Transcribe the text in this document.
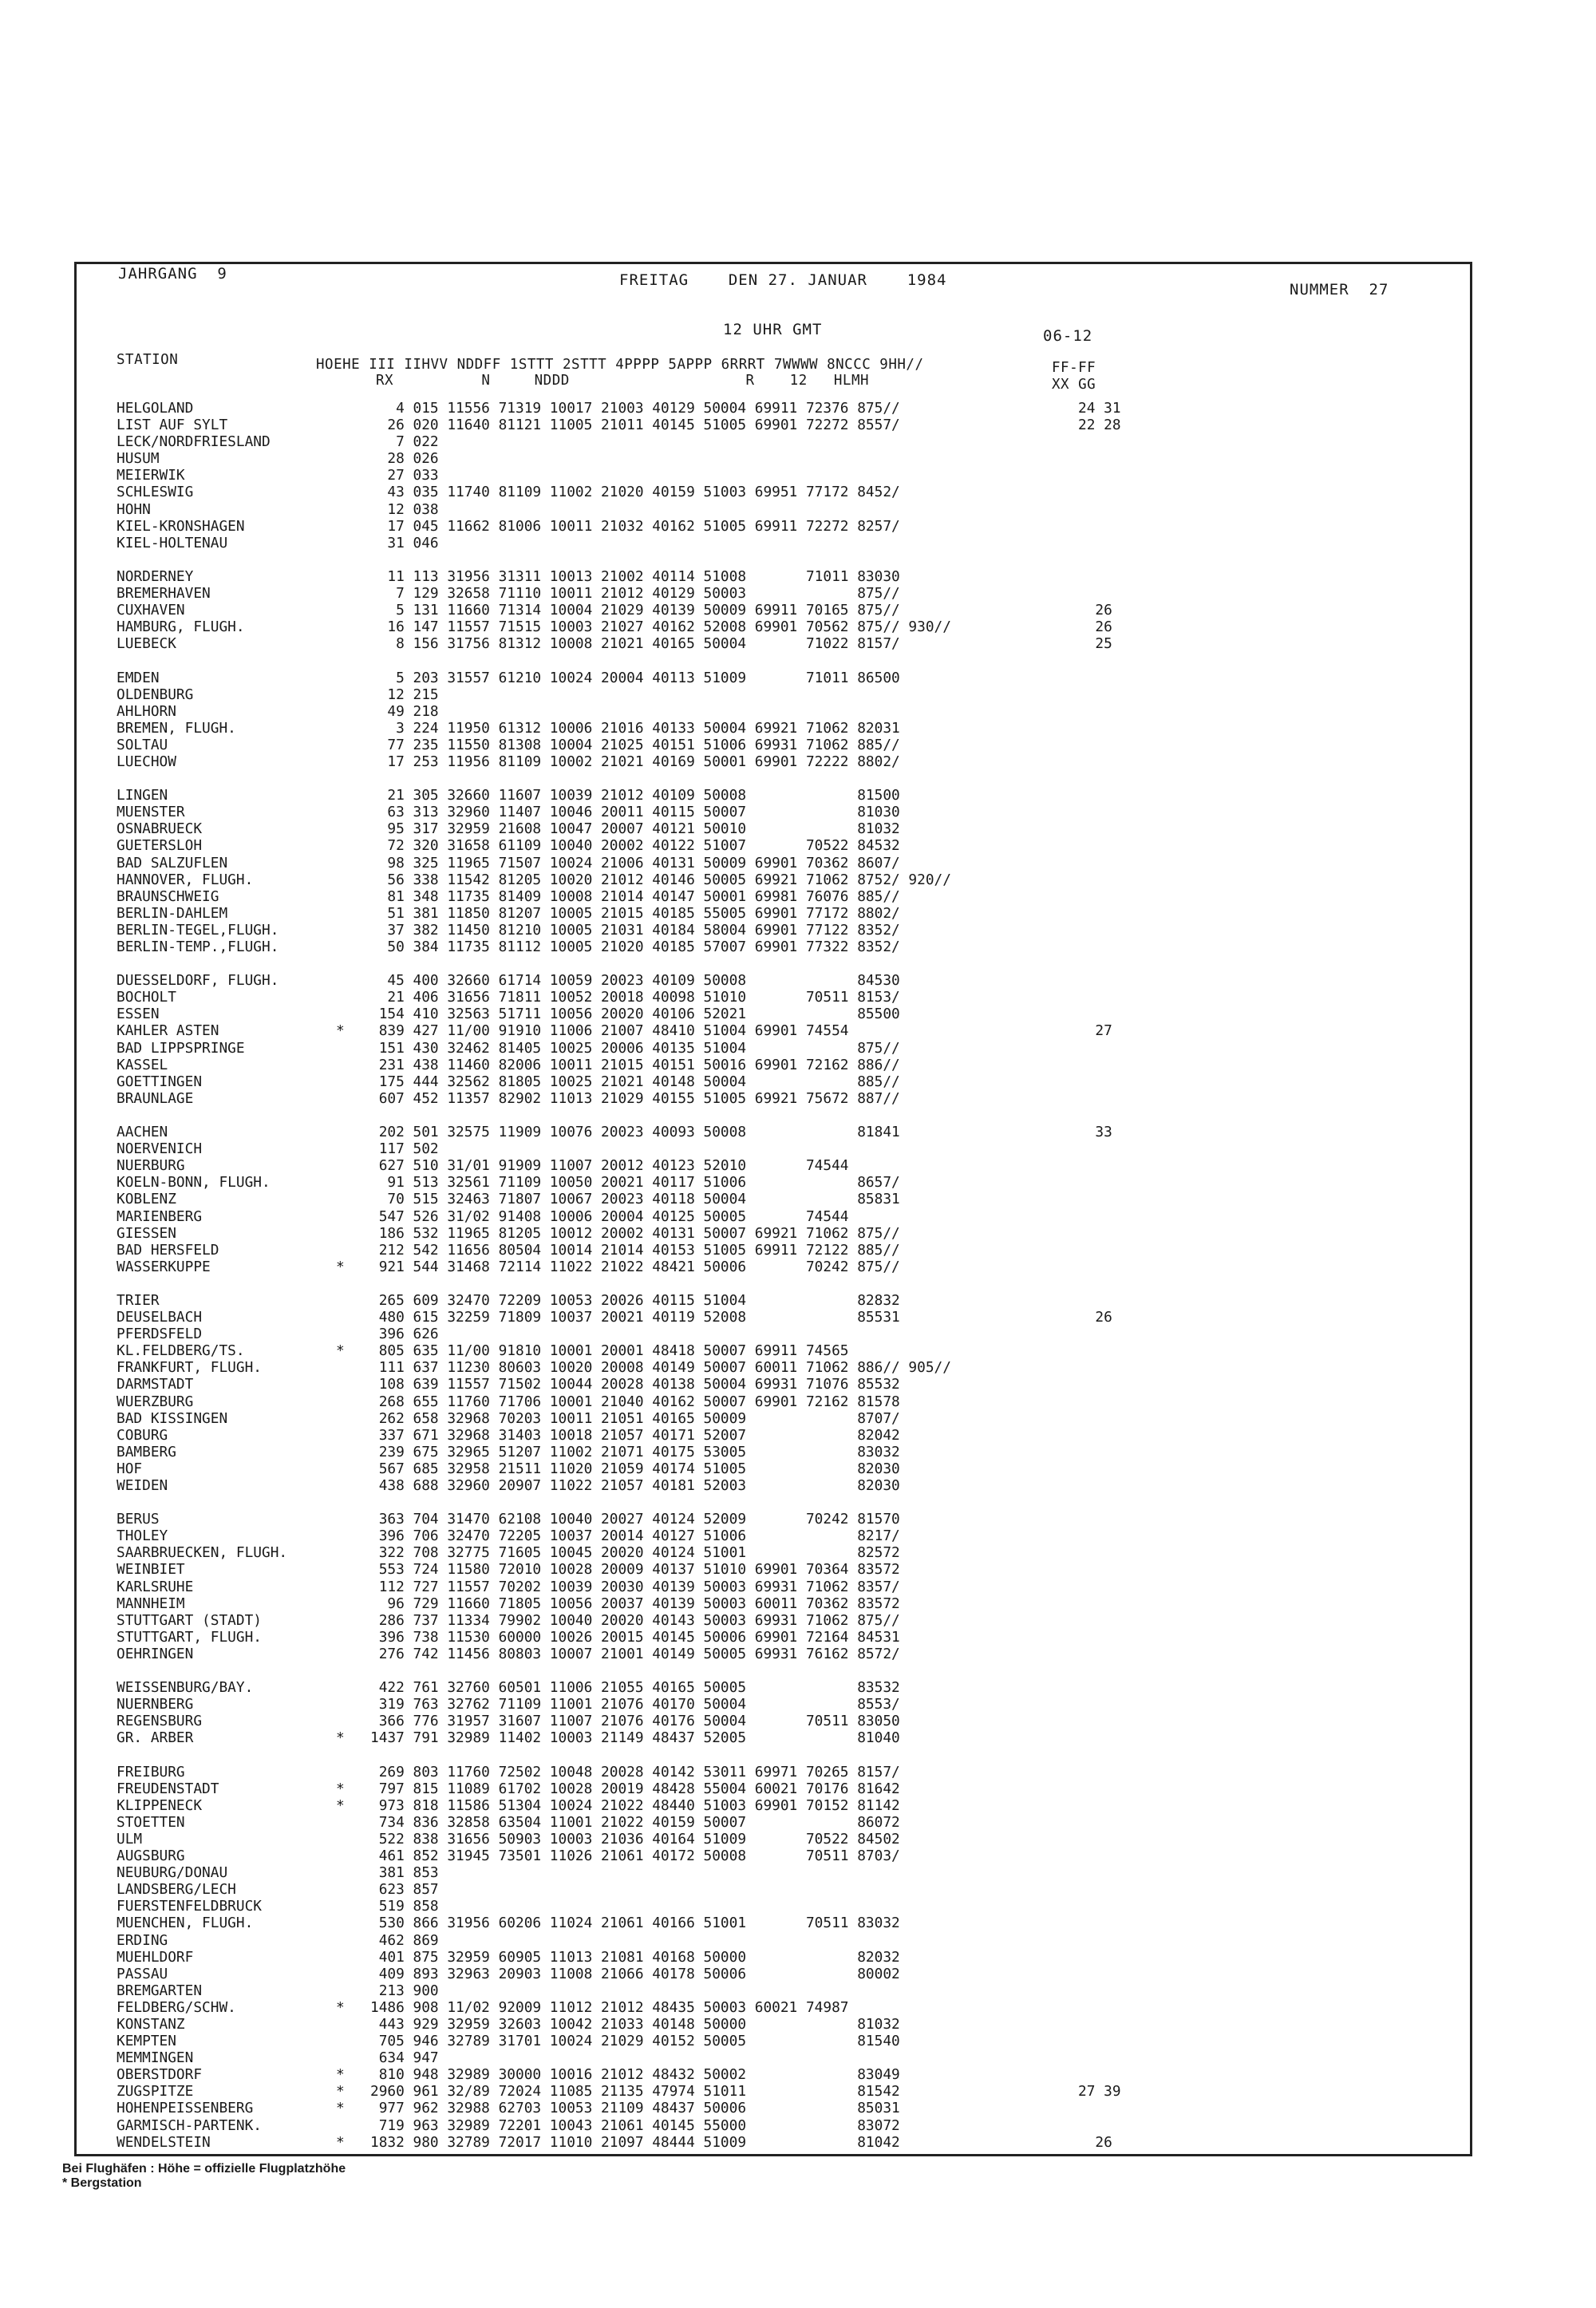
JAHRGANG  9	FREITAG    DEN 27. JANUAR    1984
NUMMER  27
12 UHR GMT	06-12
STATION	HOEHE III IIHVV NDDFF 1STTT 2STTT 4PPPP 5APPP 6RRRT 7WWWW 8NCCC 9HH//
RX          N     NDDD                    R    12   HLMH
FF-FF
XX GG
HELGOLAND	4 015 11556 71319 10017 21003 40129 50004 69911 72376 875//	24 31
LIST AUF SYLT	26 020 11640 81121 11005 21011 40145 51005 69901 72272 8557/	22 28
LECK/NORDFRIESLAND	7 022
HUSUM	28 026
MEIERWIK	27 033
SCHLESWIG	43 035 11740 81109 11002 21020 40159 51003 69951 77172 8452/
HOHN	12 038
KIEL-KRONSHAGEN	17 045 11662 81006 10011 21032 40162 51005 69911 72272 8257/
KIEL-HOLTENAU	31 046
NORDERNEY	11 113 31956 31311 10013 21002 40114 51008       71011 83030
BREMERHAVEN	7 129 32658 71110 10011 21012 40129 50003             875//
CUXHAVEN	5 131 11660 71314 10004 21029 40139 50009 69911 70165 875//	26
HAMBURG, FLUGH.	16 147 11557 71515 10003 21027 40162 52008 69901 70562 875// 930//	26
LUEBECK	8 156 31756 81312 10008 21021 40165 50004       71022 8157/	25
EMDEN	5 203 31557 61210 10024 20004 40113 51009       71011 86500
OLDENBURG	12 215
AHLHORN	49 218
BREMEN, FLUGH.	3 224 11950 61312 10006 21016 40133 50004 69921 71062 82031
SOLTAU	77 235 11550 81308 10004 21025 40151 51006 69931 71062 885//
LUECHOW	17 253 11956 81109 10002 21021 40169 50001 69901 72222 8802/
LINGEN	21 305 32660 11607 10039 21012 40109 50008             81500
MUENSTER	63 313 32960 11407 10046 20011 40115 50007             81030
OSNABRUECK	95 317 32959 21608 10047 20007 40121 50010             81032
GUETERSLOH	72 320 31658 61109 10040 20002 40122 51007       70522 84532
BAD SALZUFLEN	98 325 11965 71507 10024 21006 40131 50009 69901 70362 8607/
HANNOVER, FLUGH.	56 338 11542 81205 10020 21012 40146 50005 69921 71062 8752/ 920//
BRAUNSCHWEIG	81 348 11735 81409 10008 21014 40147 50001 69981 76076 885//
BERLIN-DAHLEM	51 381 11850 81207 10005 21015 40185 55005 69901 77172 8802/
BERLIN-TEGEL,FLUGH.	37 382 11450 81210 10005 21031 40184 58004 69901 77122 8352/
BERLIN-TEMP.,FLUGH.	50 384 11735 81112 10005 21020 40185 57007 69901 77322 8352/
DUESSELDORF, FLUGH.	45 400 32660 61714 10059 20023 40109 50008             84530
BOCHOLT	21 406 31656 71811 10052 20018 40098 51010       70511 8153/
ESSEN	154 410 32563 51711 10056 20020 40106 52021             85500
KAHLER ASTEN	* 839 427 11/00 91910 11006 21007 48410 51004 69901 74554	27
BAD LIPPSPRINGE	151 430 32462 81405 10025 20006 40135 51004             875//
KASSEL	231 438 11460 82006 10011 21015 40151 50016 69901 72162 886//
GOETTINGEN	175 444 32562 81805 10025 21021 40148 50004             885//
BRAUNLAGE	607 452 11357 82902 11013 21029 40155 51005 69921 75672 887//
AACHEN	202 501 32575 11909 10076 20023 40093 50008             81841	33
NOERVENICH	117 502
NUERBURG	627 510 31/01 91909 11007 20012 40123 52010       74544
KOELN-BONN, FLUGH.	91 513 32561 71109 10050 20021 40117 51006             8657/
KOBLENZ	70 515 32463 71807 10067 20023 40118 50004             85831
MARIENBERG	547 526 31/02 91408 10006 20004 40125 50005       74544
GIESSEN	186 532 11965 81205 10012 20002 40131 50007 69921 71062 875//
BAD HERSFELD	212 542 11656 80504 10014 21014 40153 51005 69911 72122 885//
WASSERKUPPE	* 921 544 31468 72114 11022 21022 48421 50006       70242 875//
TRIER	265 609 32470 72209 10053 20026 40115 51004             82832
DEUSELBACH	480 615 32259 71809 10037 20021 40119 52008             85531	26
PFERDSFELD	396 626
KL.FELDBERG/TS.	* 805 635 11/00 91810 10001 20001 48418 50007 69911 74565
FRANKFURT, FLUGH.	111 637 11230 80603 10020 20008 40149 50007 60011 71062 886// 905//
DARMSTADT	108 639 11557 71502 10044 20028 40138 50004 69931 71076 85532
WUERZBURG	268 655 11760 71706 10001 21040 40162 50007 69901 72162 81578
BAD KISSINGEN	262 658 32968 70203 10011 21051 40165 50009             8707/
COBURG	337 671 32968 31403 10018 21057 40171 52007             82042
BAMBERG	239 675 32965 51207 11002 21071 40175 53005             83032
HOF	567 685 32958 21511 11020 21059 40174 51005             82030
WEIDEN	438 688 32960 20907 11022 21057 40181 52003             82030
BERUS	363 704 31470 62108 10040 20027 40124 52009       70242 81570
THOLEY	396 706 32470 72205 10037 20014 40127 51006             8217/
SAARBRUECKEN, FLUGH.	322 708 32775 71605 10045 20020 40124 51001             82572
WEINBIET	553 724 11580 72010 10028 20009 40137 51010 69901 70364 83572
KARLSRUHE	112 727 11557 70202 10039 20030 40139 50003 69931 71062 8357/
MANNHEIM	96 729 11660 71805 10056 20037 40139 50003 60011 70362 83572
STUTTGART (STADT)	286 737 11334 79902 10040 20020 40143 50003 69931 71062 875//
STUTTGART, FLUGH.	396 738 11530 60000 10026 20015 40145 50006 69901 72164 84531
OEHRINGEN	276 742 11456 80803 10007 21001 40149 50005 69931 76162 8572/
WEISSENBURG/BAY.	422 761 32760 60501 11006 21055 40165 50005             83532
NUERNBERG	319 763 32762 71109 11001 21076 40170 50004             8553/
REGENSBURG	366 776 31957 31607 11007 21076 40176 50004       70511 83050
GR. ARBER	* 1437 791 32989 11402 10003 21149 48437 52005             81040
FREIBURG	269 803 11760 72502 10048 20028 40142 53011 69971 70265 8157/
FREUDENSTADT	* 797 815 11089 61702 10028 20019 48428 55004 60021 70176 81642
KLIPPENECK	* 973 818 11586 51304 10024 21022 48440 51003 69901 70152 81142
STOETTEN	734 836 32858 63504 11001 21022 40159 50007             86072
ULM	522 838 31656 50903 10003 21036 40164 51009       70522 84502
AUGSBURG	461 852 31945 73501 11026 21061 40172 50008       70511 8703/
NEUBURG/DONAU	381 853
LANDSBERG/LECH	623 857
FUERSTENFELDBRUCK	519 858
MUENCHEN, FLUGH.	530 866 31956 60206 11024 21061 40166 51001       70511 83032
ERDING	462 869
MUEHLDORF	401 875 32959 60905 11013 21081 40168 50000             82032
PASSAU	409 893 32963 20903 11008 21066 40178 50006             80002
BREMGARTEN	213 900
FELDBERG/SCHW.	* 1486 908 11/02 92009 11012 21012 48435 50003 60021 74987
KONSTANZ	443 929 32959 32603 10042 21033 40148 50000             81032
KEMPTEN	705 946 32789 31701 10024 21029 40152 50005             81540
MEMMINGEN	634 947
OBERSTDORF	* 810 948 32989 30000 10016 21012 48432 50002             83049
ZUGSPITZE	* 2960 961 32/89 72024 11085 21135 47974 51011             81542	27 39
HOHENPEISSENBERG	* 977 962 32988 62703 10053 21109 48437 50006             85031
GARMISCH-PARTENK.	719 963 32989 72201 10043 21061 40145 55000             83072
WENDELSTEIN	* 1832 980 32789 72017 11010 21097 48444 51009             81042	26
Bei Flughäfen : Höhe = offizielle Flugplatzhöhe
* Bergstation
